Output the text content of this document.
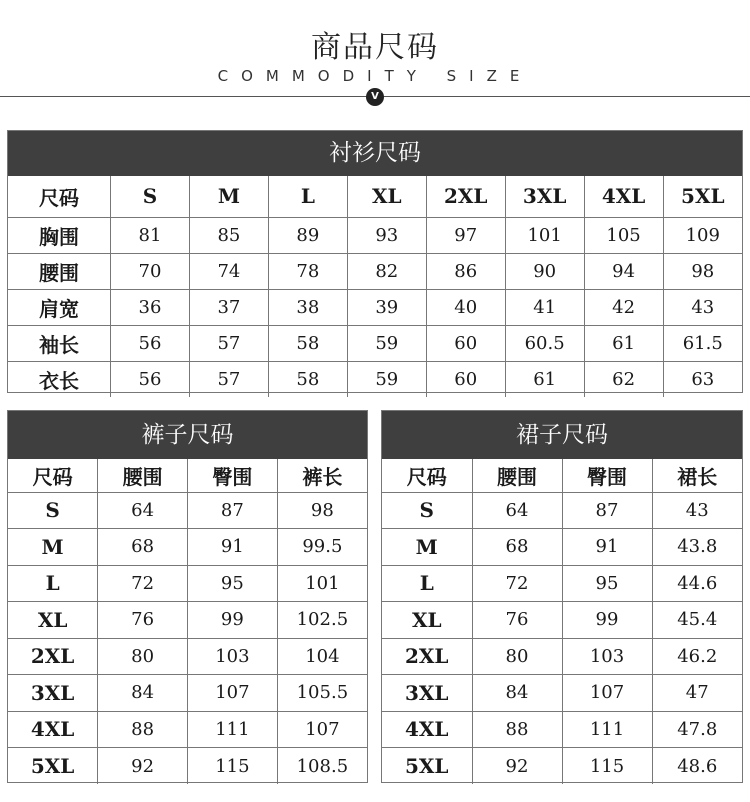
商品尺码
COMMODITY SIZE
V
衬衫尺码
尺码	S	M	L	XL	2XL	3XL	4XL	5XL
胸围	81	85	89	93	97	101	105	109
腰围	70	74	78	82	86	90	94	98
肩宽	36	37	38	39	40	41	42	43
袖长	56	57	58	59	60	60.5	61	61.5
衣长	56	57	58	59	60	61	62	63
裤子尺码
尺码	腰围	臀围	裤长
S	64	87	98
M	68	91	99.5
L	72	95	101
XL	76	99	102.5
2XL	80	103	104
3XL	84	107	105.5
4XL	88	111	107
5XL	92	115	108.5
裙子尺码
尺码	腰围	臀围	裙长
S	64	87	43
M	68	91	43.8
L	72	95	44.6
XL	76	99	45.4
2XL	80	103	46.2
3XL	84	107	47
4XL	88	111	47.8
5XL	92	115	48.6
